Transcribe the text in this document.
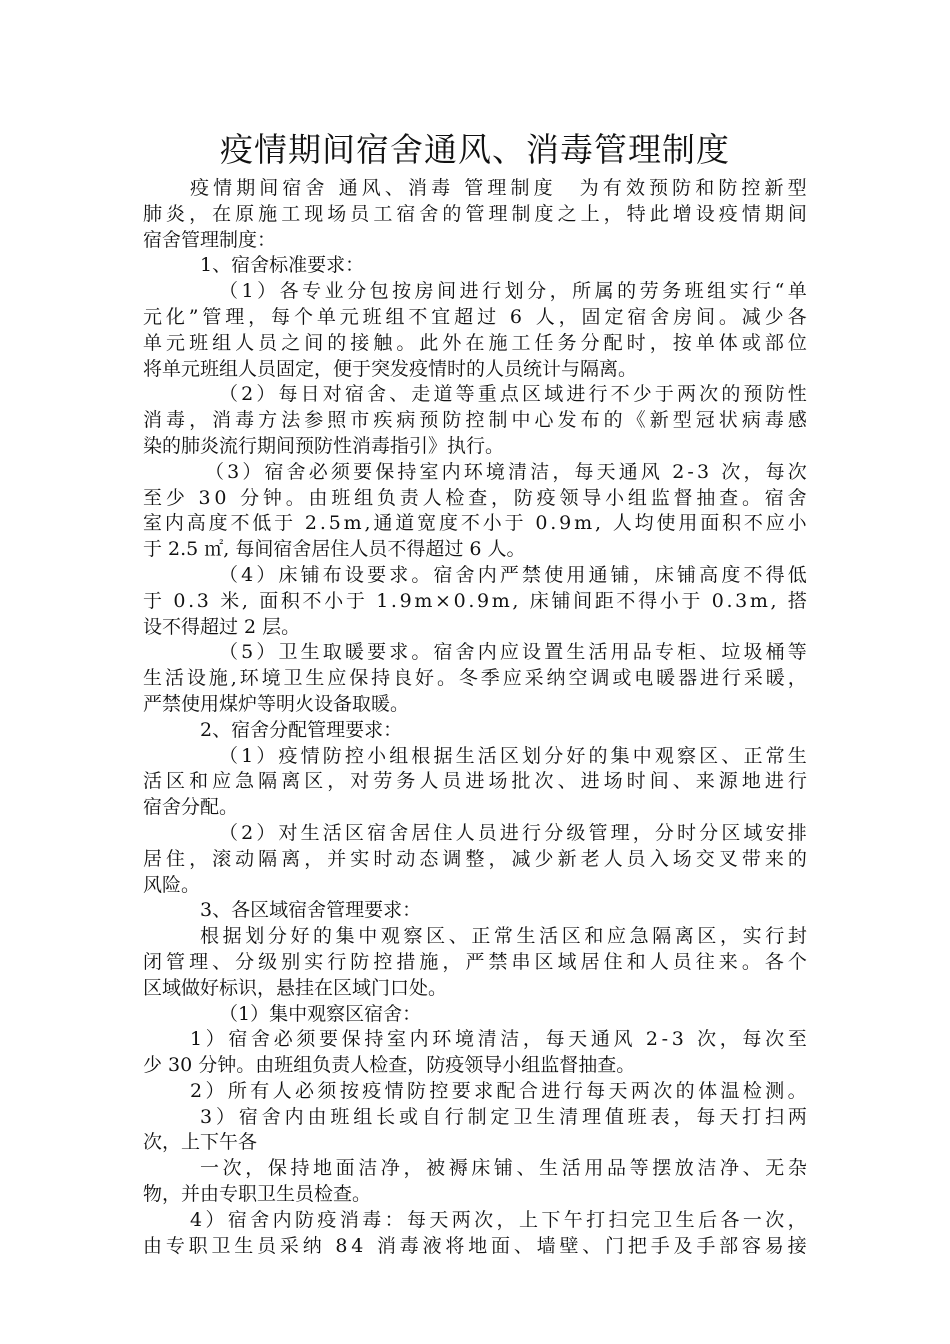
疫情期间宿舍通风、消毒管理制度
疫 情 期 间 宿 舍
通 风 、 消 毒
管 理 制 度
　 为 有 效 预 防 和 防 控 新 型
肺 炎 ， 在 原 施 工 现 场 员 工 宿 舍 的 管 理 制 度 之 上 ， 特 此 增 设 疫 情 期 间
宿舍管理制度：
1、宿舍标准要求：
（ 1 ） 各 专 业 分 包 按 房 间 进 行 划 分 ， 所 属 的 劳 务 班 组 实 行 “ 单
元 化 ” 管 理 ， 每 个 单 元 班 组 不 宜 超 过
6
人 ， 固 定 宿 舍 房 间 。 减 少 各
单 元 班 组 人 员 之 间 的 接 触 。 此 外 在 施 工 任 务 分 配 时 ， 按 单 体 或 部 位
将单元班组人员固定，便于突发疫情时的人员统计与隔离。
（ 2 ） 每 日 对 宿 舍 、 走 道 等 重 点 区 域 进 行 不 少 于 两 次 的 预 防 性
消 毒 ， 消 毒 方 法 参 照 市 疾 病 预 防 控 制 中 心 发 布 的 《 新 型 冠 状 病 毒 感
染的肺炎流行期间预防性消毒指引》执行。
（ 3 ） 宿 舍 必 须 要 保 持 室 内 环 境 清 洁 ， 每 天 通 风
2 - 3
次 ， 每 次
至 少
3 0
分 钟 。 由 班 组 负 责 人 检 查 ， 防 疫 领 导 小 组 监 督 抽 查 。 宿 舍
室 内 高 度 不 低 于
2 . 5 m , 通 道 宽 度 不 小 于
0 . 9 m ,
人 均 使 用 面 积 不 应 小
于 2.5 ㎡, 每间宿舍居住人员不得超过 6 人。
（ 4 ） 床 铺 布 设 要 求 。 宿 舍 内 严 禁 使 用 通 铺 ， 床 铺 高 度 不 得 低
于
0 . 3
米 ,
面 积 不 小 于
1 . 9 m × 0 . 9 m ,
床 铺 间 距 不 得 小 于
0 . 3 m ,
搭
设不得超过 2 层。
（ 5 ） 卫 生 取 暖 要 求 。 宿 舍 内 应 设 置 生 活 用 品 专 柜 、 垃 圾 桶 等
生 活 设 施 , 环 境 卫 生 应 保 持 良 好 。 冬 季 应 采 纳 空 调 或 电 暖 器 进 行 采 暖 ，
严禁使用煤炉等明火设备取暖。
2、宿舍分配管理要求：
（ 1 ） 疫 情 防 控 小 组 根 据 生 活 区 划 分 好 的 集 中 观 察 区 、 正 常 生
活 区 和 应 急 隔 离 区 ， 对 劳 务 人 员 进 场 批 次 、 进 场 时 间 、 来 源 地 进 行
宿舍分配。
（ 2 ） 对 生 活 区 宿 舍 居 住 人 员 进 行 分 级 管 理 ， 分 时 分 区 域 安 排
居 住 ， 滚 动 隔 离 ， 并 实 时 动 态 调 整 ， 减 少 新 老 人 员 入 场 交 叉 带 来 的
风险。
3、各区域宿舍管理要求：
根 据 划 分 好 的 集 中 观 察 区 、 正 常 生 活 区 和 应 急 隔 离 区 ， 实 行 封
闭 管 理 、 分 级 别 实 行 防 控 措 施 ， 严 禁 串 区 域 居 住 和 人 员 往 来 。 各 个
区域做好标识，悬挂在区域门口处。
（1）集中观察区宿舍：
1 ） 宿 舍 必 须 要 保 持 室 内 环 境 清 洁 ， 每 天 通 风
2 - 3
次 ， 每 次 至
少 30 分钟。由班组负责人检查，防疫领导小组监督抽查。
2 ） 所 有 人 必 须 按 疫 情 防 控 要 求 配 合 进 行 每 天 两 次 的 体 温 检 测 。
3 ） 宿 舍 内 由 班 组 长 或 自 行 制 定 卫 生 清 理 值 班 表 ， 每 天 打 扫 两
次，上下午各
一 次 ， 保 持 地 面 洁 净 ， 被 褥 床 铺 、 生 活 用 品 等 摆 放 洁 净 、 无 杂
物，并由专职卫生员检查。
4 ） 宿 舍 内 防 疫 消 毒 ： 每 天 两 次 ， 上 下 午 打 扫 完 卫 生 后 各 一 次 ，
由 专 职 卫 生 员 采 纳
8 4
消 毒 液 将 地 面 、 墙 壁 、 门 把 手 及 手 部 容 易 接
